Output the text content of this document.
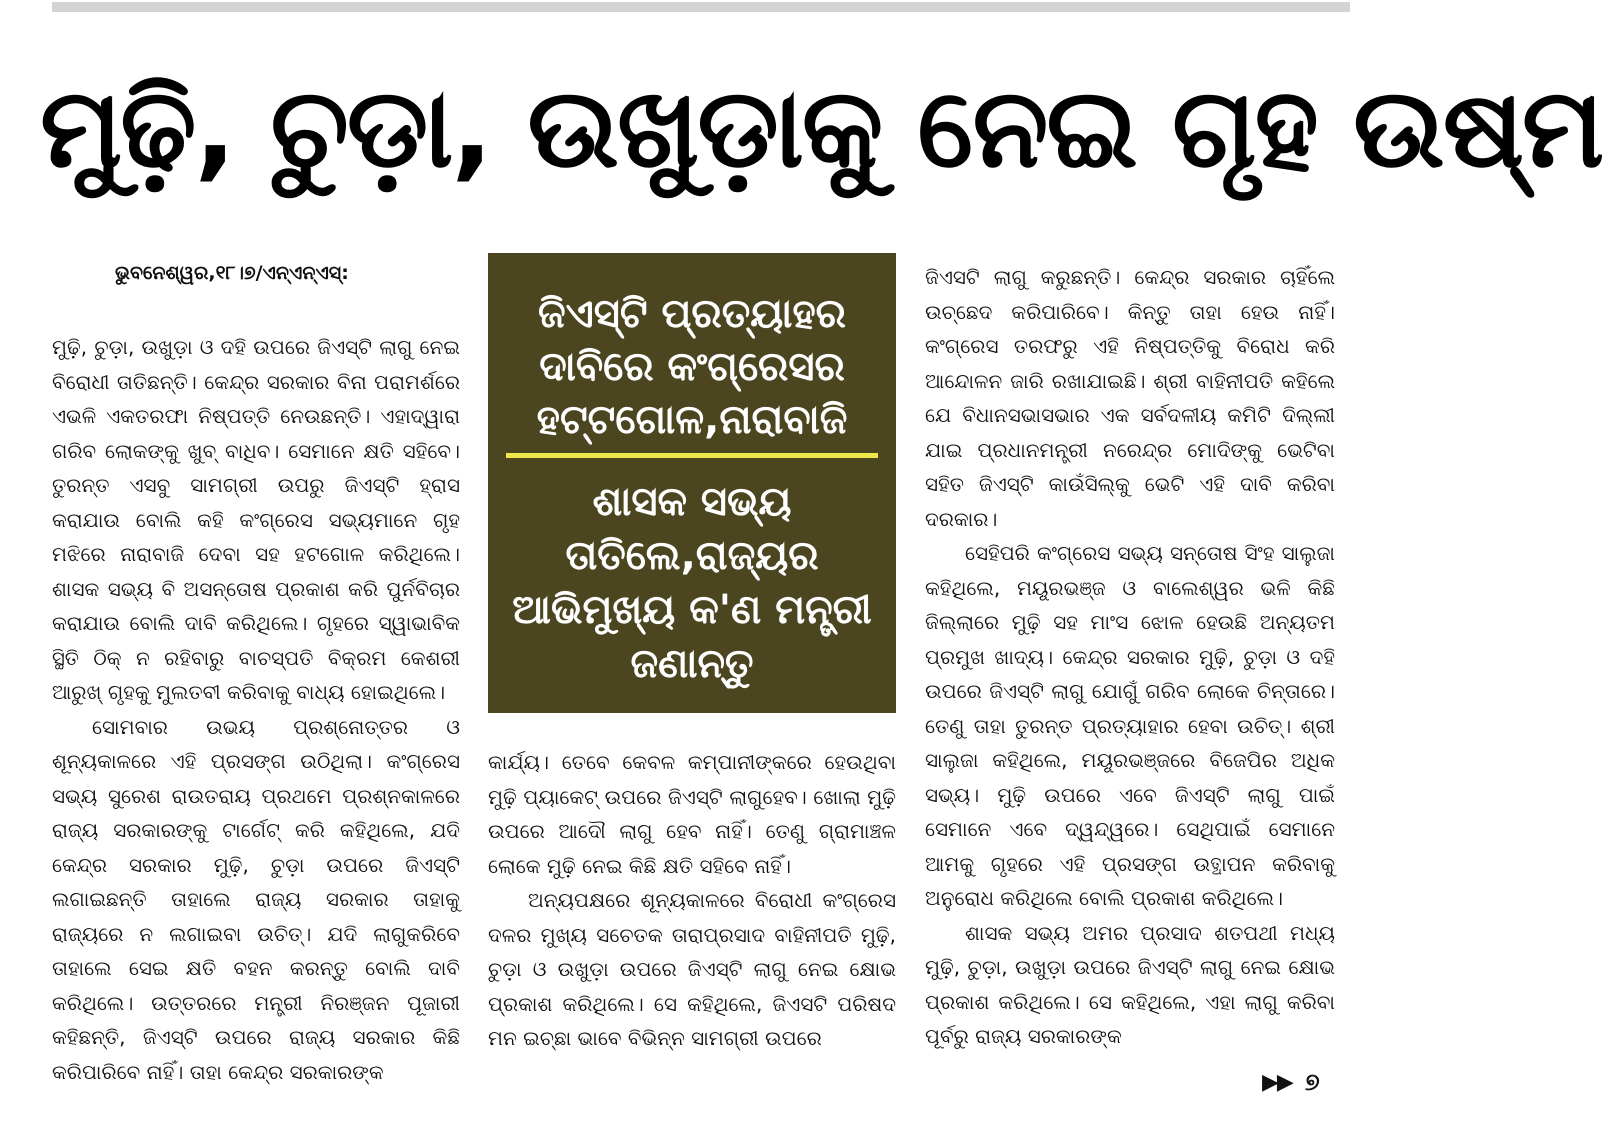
ମୁଢ଼ି, ଚୁଡ଼ା, ଉଖୁଡ଼ାକୁ ନେଇ ଗୃହ ଉଷ୍ମ
ଭୁବନେଶ୍ୱର,୧୮।୭/ଏନ୍‌ଏନ୍‌ଏସ୍‌:

ମୁଢ଼ି, ଚୁଡ଼ା, ଉଖୁଡ଼ା ଓ ଦହି ଉପରେ ଜିଏସ୍‌ଟି ଲାଗୁ ନେଇ ବିରୋଧୀ ତାତିଛନ୍ତି। କେନ୍ଦ୍ର ସରକାର ବିନା ପରାମର୍ଶରେ ଏଭଳି ଏକତରଫା ନିଷ୍ପତ୍ତି ନେଉଛନ୍ତି। ଏହାଦ୍ୱାରା ଗରିବ ଲୋକଙ୍କୁ ଖୁବ୍‌ ବାଧିବ। ସେମାନେ କ୍ଷତି ସହିବେ। ତୁରନ୍ତ ଏସବୁ ସାମଗ୍ରୀ ଉପରୁ ଜିଏସ୍‌ଟି ହ୍ରାସ କରାଯାଉ ବୋଲି କହି କଂଗ୍ରେସ ସଭ୍ୟମାନେ ଗୃହ ମଝିରେ ନାରାବାଜି ଦେବା ସହ ହଟଗୋଳ କରିଥିଲେ। ଶାସକ ସଭ୍ୟ ବି ଅସନ୍ତୋଷ ପ୍ରକାଶ କରି ପୁର୍ନବିଚାର କରାଯାଉ ବୋଲି ଦାବି କରିଥିଲେ। ଗୃହରେ ସ୍ୱାଭାବିକ ସ୍ଥିତି ଠିକ୍‌ ନ ରହିବାରୁ ବାଚସ୍ପତି ବିକ୍ରମ କେଶରୀ ଆରୁଖ୍‌ ଗୃହକୁ ମୁଲତବୀ କରିବାକୁ ବାଧ୍ୟ ହୋଇଥିଲେ।

ସୋମବାର ଉଭୟ ପ୍ରଶ୍ନୋତ୍ତର ଓ ଶୂନ୍ୟକାଳରେ ଏହି ପ୍ରସଙ୍ଗ ଉଠିଥିଲା। କଂଗ୍ରେସ ସଭ୍ୟ ସୁରେଶ ରାଉତରାୟ ପ୍ରଥମେ ପ୍ରଶ୍ନକାଳରେ ରାଜ୍ୟ ସରକାରଙ୍କୁ ଟାର୍ଗେଟ୍‌ କରି କହିଥିଲେ, ଯଦି କେନ୍ଦ୍ର ସରକାର ମୁଢ଼ି, ଚୁଡ଼ା ଉପରେ ଜିଏସ୍‌ଟି ଲଗାଇଛନ୍ତି ତାହାଲେ ରାଜ୍ୟ ସରକାର ତାହାକୁ ରାଜ୍ୟରେ ନ ଲଗାଇବା ଉଚିତ୍‌। ଯଦି ଲାଗୁକରିବେ ତାହାଲେ ସେଇ କ୍ଷତି ବହନ କରନ୍ତୁ ବୋଲି ଦାବି କରିଥିଲେ। ଉତ୍ତରରେ ମନ୍ତ୍ରୀ ନିରଞ୍ଜନ ପୂଜାରୀ କହିଛନ୍ତି, ଜିଏସ୍‌ଟି ଉପରେ ରାଜ୍ୟ ସରକାର କିଛି କରିପାରିବେ ନାହିଁ। ତାହା କେନ୍ଦ୍ର ସରକାରଙ୍କ

ଜିଏସ୍‌ଟି ପ୍ରତ୍ୟାହର ଦାବିରେ କଂଗ୍ରେସର ହଟ୍ଟଗୋଳ,ନାରାବାଜି
ଶାସକ ସଭ୍ୟ ତାତିଲେ,ରାଜ୍ୟର ଆଭିମୁଖ୍ୟ କ'ଣ ମନ୍ତ୍ରୀ ଜଣାନ୍ତୁ

କାର୍ଯ୍ୟ। ତେବେ କେବଳ କମ୍ପାନୀଙ୍କରେ ହେଉଥିବା ମୁଢ଼ି ପ୍ୟାକେଟ୍‌ ଉପରେ ଜିଏସ୍‌ଟି ଲାଗୁହେବ। ଖୋଲା ମୁଢ଼ି ଉପରେ ଆଦୌ ଲାଗୁ ହେବ ନାହିଁ। ତେଣୁ ଗ୍ରାମାଞ୍ଚଳ ଲୋକେ ମୁଢ଼ି ନେଇ କିଛି କ୍ଷତି ସହିବେ ନାହିଁ।

ଅନ୍ୟପକ୍ଷରେ ଶୂନ୍ୟକାଳରେ ବିରୋଧୀ କଂଗ୍ରେସ ଦଳର ମୁଖ୍ୟ ସଚେତକ ତାରାପ୍ରସାଦ ବାହିନୀପତି ମୁଢ଼ି, ଚୁଡ଼ା ଓ ଉଖୁଡ଼ା ଉପରେ ଜିଏସ୍‌ଟି ଲାଗୁ ନେଇ କ୍ଷୋଭ ପ୍ରକାଶ କରିଥିଲେ। ସେ କହିଥିଲେ, ଜିଏସଟି ପରିଷଦ ମନ ଇଚ୍ଛା ଭାବେ ବିଭିନ୍ନ ସାମଗ୍ରୀ ଉପରେ

ଜିଏସଟି ଲାଗୁ କରୁଛନ୍ତି। କେନ୍ଦ୍ର ସରକାର ଚାହିଁଲେ ଉଚ୍ଛେଦ କରିପାରିବେ। କିନ୍ତୁ ତାହା ହେଉ ନାହିଁ। କଂଗ୍ରେସ ତରଫରୁ ଏହି ନିଷ୍ପତ୍ତିକୁ ବିରୋଧ କରି ଆନ୍ଦୋଳନ ଜାରି ରଖାଯାଇଛି। ଶ୍ରୀ ବାହିନୀପତି କହିଲେ ଯେ ବିଧାନସଭାସଭାର ଏକ ସର୍ବଦଳୀୟ କମିଟି ଦିଲ୍ଲୀ ଯାଇ ପ୍ରଧାନମନ୍ତ୍ରୀ ନରେନ୍ଦ୍ର ମୋଦିଙ୍କୁ ଭେଟିବା ସହିତ ଜିଏସ୍‌ଟି କାଉଁସିଲ୍‌କୁ ଭେଟି ଏହି ଦାବି କରିବା ଦରକାର।

ସେହିପରି କଂଗ୍ରେସ ସଭ୍ୟ ସନ୍ତୋଷ ସିଂହ ସାଲୁଜା କହିଥିଲେ, ମୟୂରଭଞ୍ଜ ଓ ବାଲେଶ୍ୱର ଭଳି କିଛି ଜିଲ୍ଲାରେ ମୁଢ଼ି ସହ ମାଂସ ଝୋଳ ହେଉଛି ଅନ୍ୟତମ ପ୍ରମୁଖ ଖାଦ୍ୟ। କେନ୍ଦ୍ର ସରକାର ମୁଢ଼ି, ଚୁଡ଼ା ଓ ଦହି ଉପରେ ଜିଏସ୍‌ଟି ଲାଗୁ ଯୋଗୁଁ ଗରିବ ଲୋକେ ଚିନ୍ତାରେ। ତେଣୁ ତାହା ତୁରନ୍ତ ପ୍ରତ୍ୟାହାର ହେବା ଉଚିତ୍‌। ଶ୍ରୀ ସାଲୁଜା କହିଥିଲେ, ମୟୂରଭଞ୍ଜରେ ବିଜେପିର ଅଧିକ ସଭ୍ୟ। ମୁଢ଼ି ଉପରେ ଏବେ ଜିଏସ୍‌ଟି ଲାଗୁ ପାଇଁ ସେମାନେ ଏବେ ଦ୍ୱନ୍ଦ୍ୱରେ। ସେଥିପାଇଁ ସେମାନେ ଆମକୁ ଗୃହରେ ଏହି ପ୍ରସଙ୍ଗ ଉତ୍ଥାପନ କରିବାକୁ ଅନୁରୋଧ କରିଥିଲେ ବୋଲି ପ୍ରକାଶ କରିଥିଲେ।

ଶାସକ ସଭ୍ୟ ଅମର ପ୍ରସାଦ ଶତପଥୀ ମଧ୍ୟ ମୁଢ଼ି, ଚୁଡ଼ା, ଉଖୁଡ଼ା ଉପରେ ଜିଏସ୍‌ଟି ଲାଗୁ ନେଇ କ୍ଷୋଭ ପ୍ରକାଶ କରିଥିଲେ। ସେ କହିଥିଲେ, ଏହା ଲାଗୁ କରିବା ପୂର୍ବରୁ ରାଜ୍ୟ ସରକାରଙ୍କ

▶▶ ୭
